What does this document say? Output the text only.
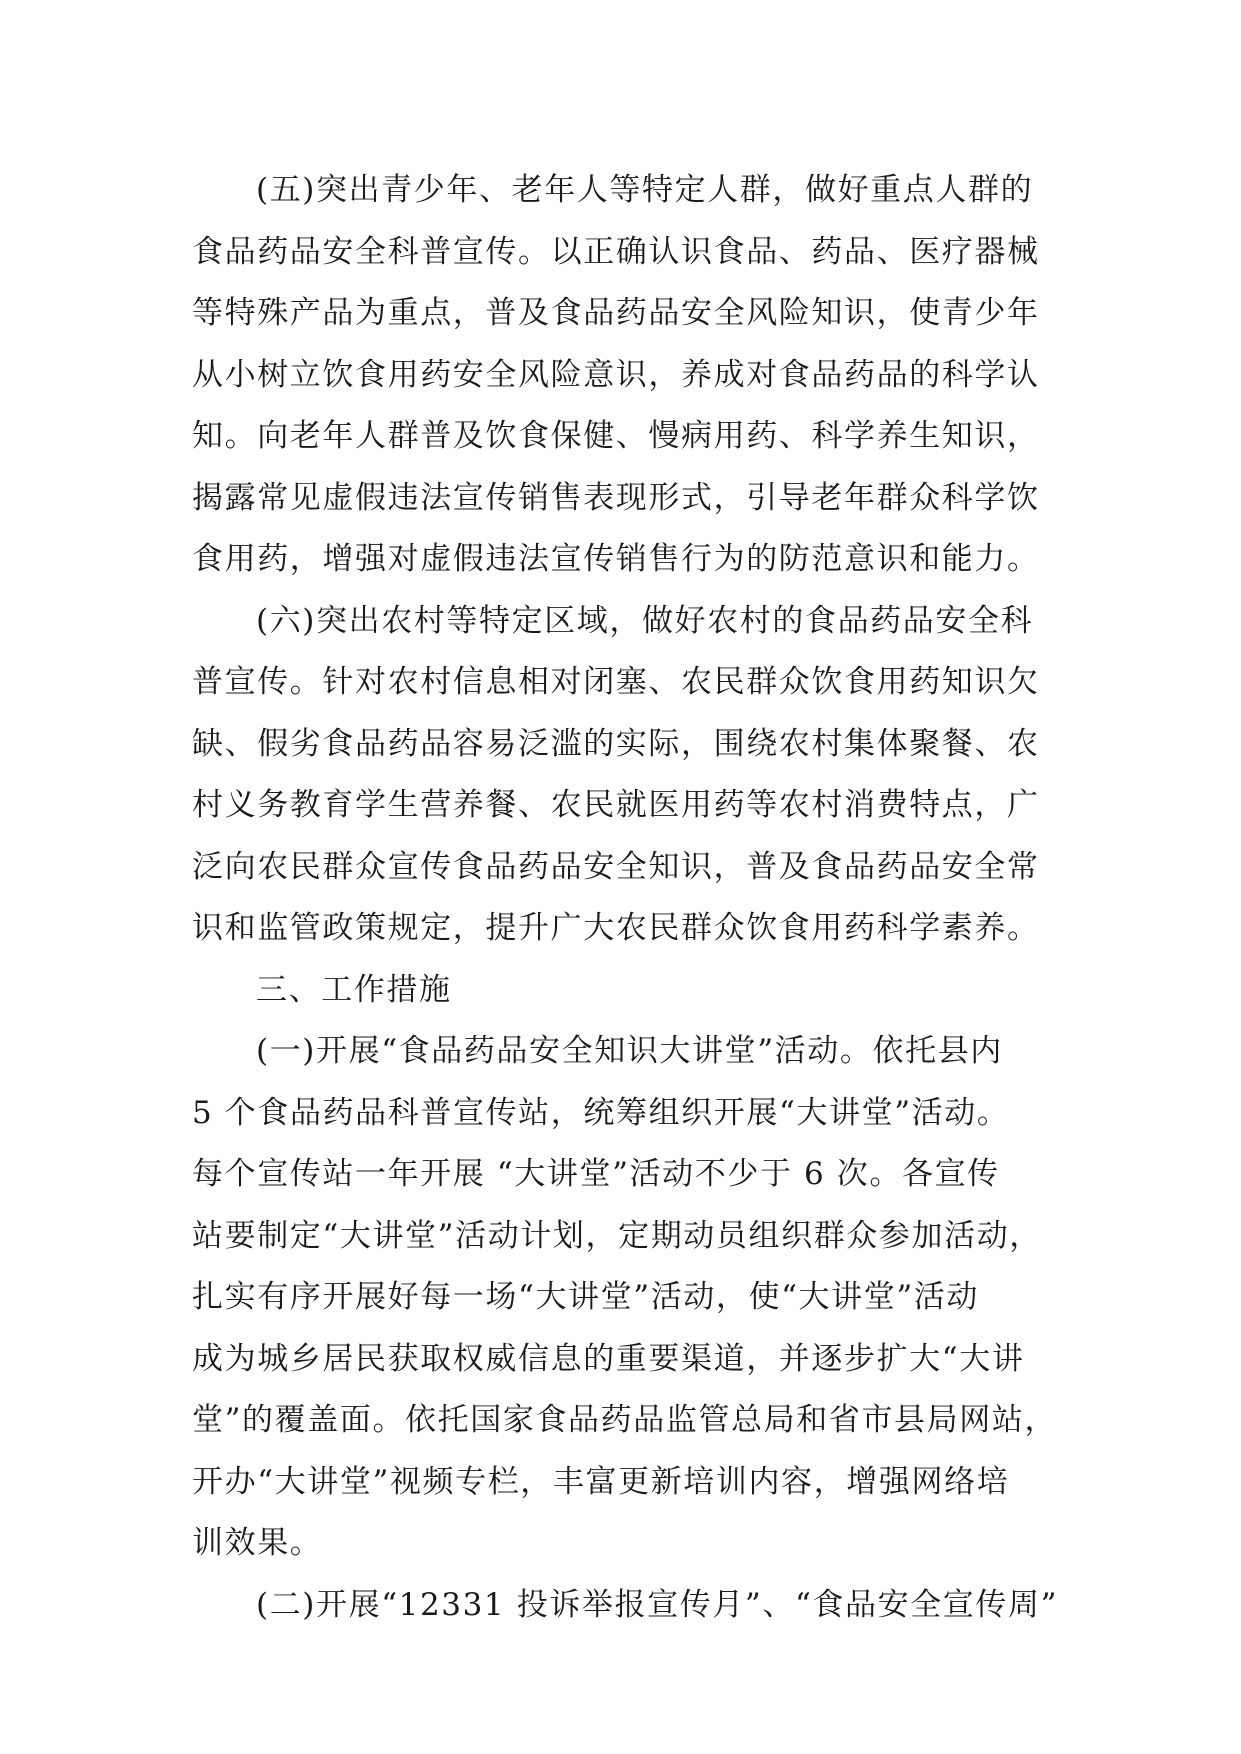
(五)突出青少年、老年人等特定人群，做好重点人群的
食品药品安全科普宣传。以正确认识食品、药品、医疗器械
等特殊产品为重点，普及食品药品安全风险知识，使青少年
从小树立饮食用药安全风险意识，养成对食品药品的科学认
知。向老年人群普及饮食保健、慢病用药、科学养生知识，
揭露常见虚假违法宣传销售表现形式，引导老年群众科学饮
食用药，增强对虚假违法宣传销售行为的防范意识和能力。
(六)突出农村等特定区域，做好农村的食品药品安全科
普宣传。针对农村信息相对闭塞、农民群众饮食用药知识欠
缺、假劣食品药品容易泛滥的实际，围绕农村集体聚餐、农
村义务教育学生营养餐、农民就医用药等农村消费特点，广
泛向农民群众宣传食品药品安全知识，普及食品药品安全常
识和监管政策规定，提升广大农民群众饮食用药科学素养。
三、工作措施
(一)开展“食品药品安全知识大讲堂”活动。依托县内
5 个食品药品科普宣传站，统筹组织开展“大讲堂”活动。
每个宣传站一年开展 “大讲堂”活动不少于 6 次。各宣传
站要制定“大讲堂”活动计划，定期动员组织群众参加活动，
扎实有序开展好每一场“大讲堂”活动，使“大讲堂”活动
成为城乡居民获取权威信息的重要渠道，并逐步扩大“大讲
堂”的覆盖面。依托国家食品药品监管总局和省市县局网站，
开办“大讲堂”视频专栏，丰富更新培训内容，增强网络培
训效果。
(二)开展“12331 投诉举报宣传月”、“食品安全宣传周”
